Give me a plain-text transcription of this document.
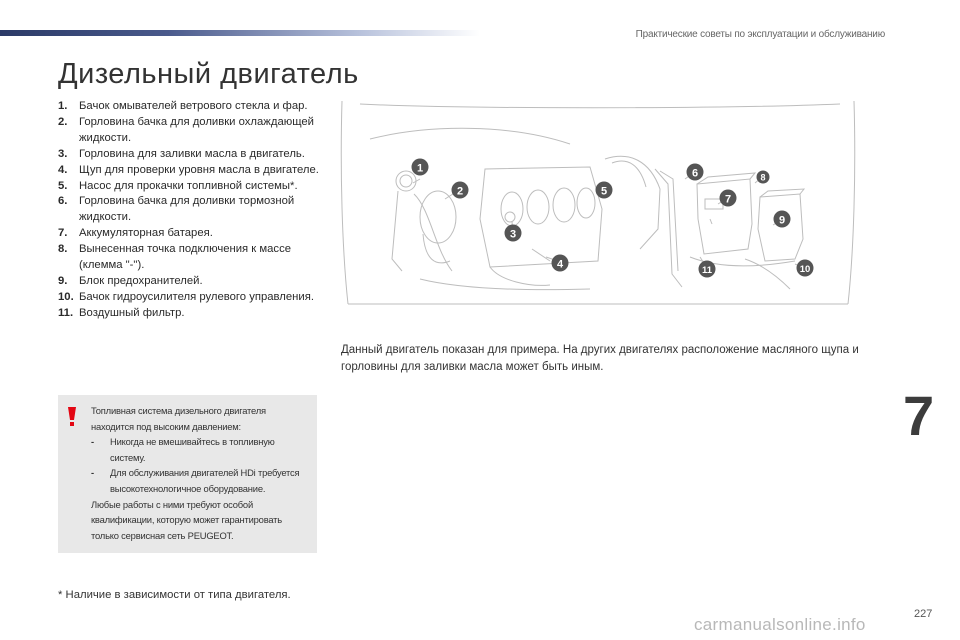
Практические советы по эксплуатации и обслуживанию
Дизельный двигатель
1. Бачок омывателей ветрового стекла и фар.
2. Горловина бачка для доливки охлаждающей жидкости.
3. Горловина для заливки масла в двигатель.
4. Щуп для проверки уровня масла в двигателе.
5. Насос для прокачки топливной системы*.
6. Горловина бачка для доливки тормозной жидкости.
7. Аккумуляторная батарея.
8. Вынесенная точка подключения к массе (клемма "-").
9. Блок предохранителей.
10. Бачок гидроусилителя рулевого управления.
11. Воздушный фильтр.

Топливная система дизельного двигателя находится под высоким давлением:

- Никогда не вмешивайтесь в топливную систему.

- Для обслуживания двигателей HDi требуется высокотехнологичное оборудование.

Любые работы с ними требуют особой квалификации, которую может гарантировать только сервисная сеть PEUGEOT.

* Наличие в зависимости от типа двигателя.
1
2
3
4
5
6
7
8
9
10
11

Данный двигатель показан для примера. На других двигателях расположение масляного щупа и горловины для заливки масла может быть иным.

7
227
carmanualsonline.info
